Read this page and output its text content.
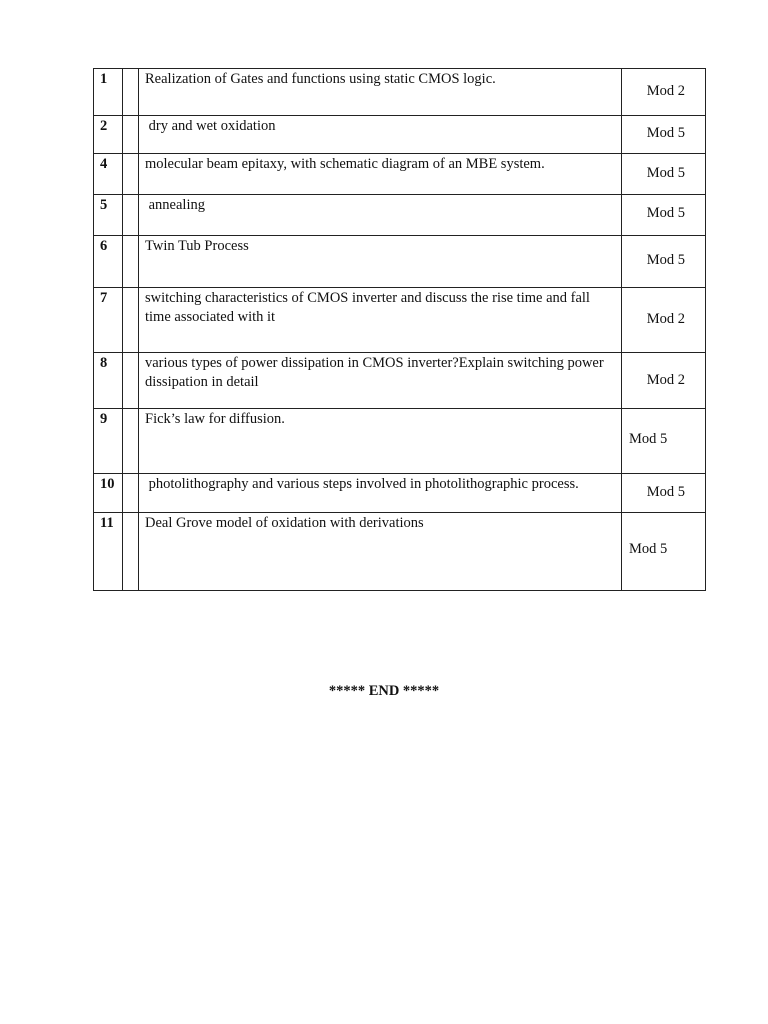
1		Realization of Gates and functions using static CMOS logic.	Mod 2

2		dry and wet oxidation	Mod 5

4		molecular beam epitaxy, with schematic diagram of an MBE system.	Mod 5

5		annealing	Mod 5

6		Twin Tub Process	Mod 5

7		switching characteristics of CMOS inverter and discuss the rise time and fall time associated with it	Mod 2

8		various types of power dissipation in CMOS inverter?Explain switching power dissipation in detail	Mod 2

9		Fick’s law for diffusion.	Mod 5

10		photolithography and various steps involved in photolithographic process.	Mod 5

11		Deal Grove model of oxidation with derivations	Mod 5
***** END *****
